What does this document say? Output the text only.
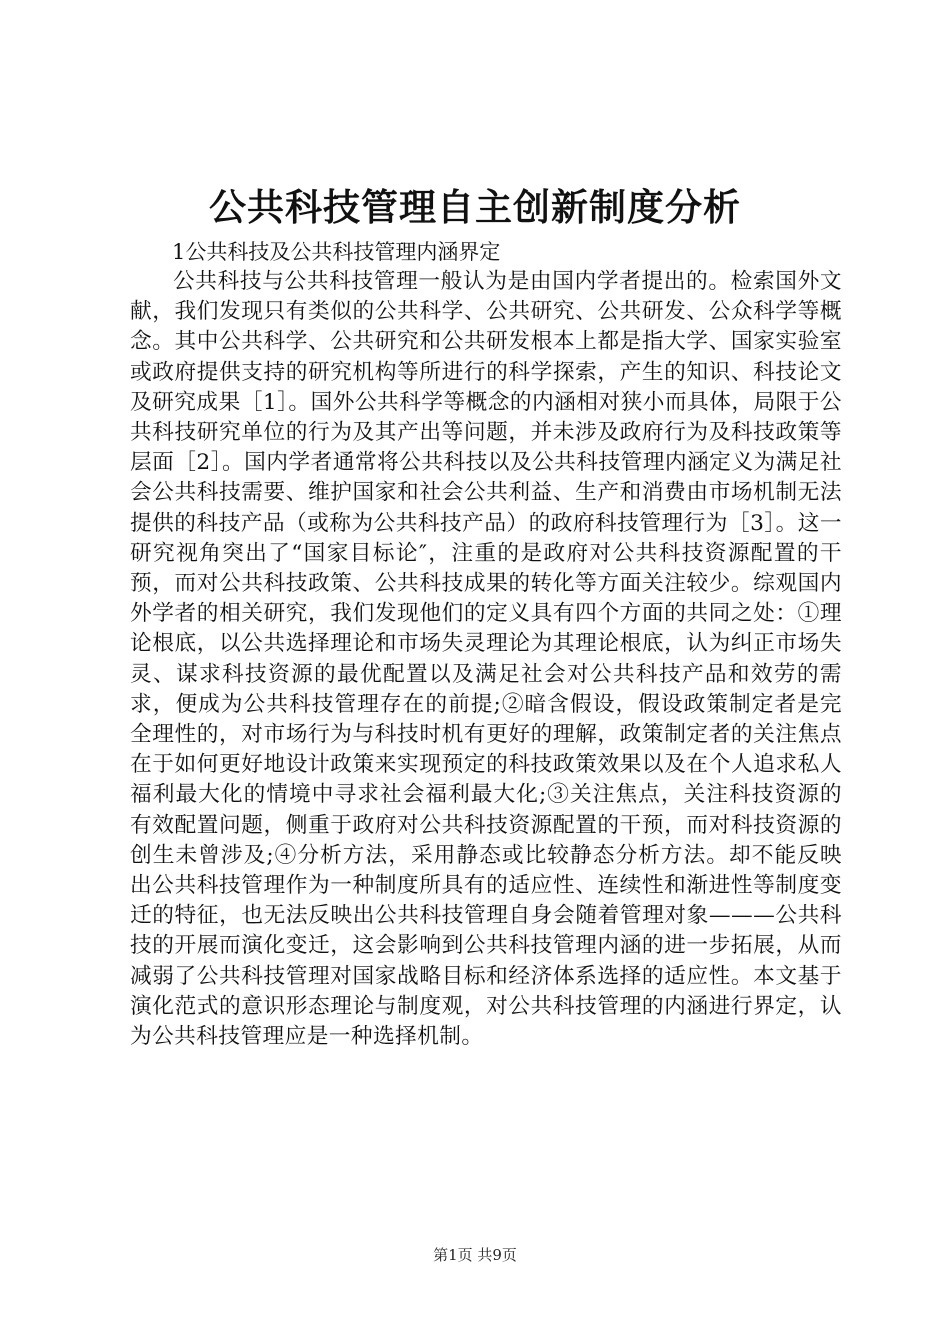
公共科技管理自主创新制度分析

1公共科技及公共科技管理内涵界定

公共科技与公共科技管理一般认为是由国内学者提出的。检索国外文献，我们发现只有类似的公共科学、公共研究、公共研发、公众科学等概念。其中公共科学、公共研究和公共研发根本上都是指大学、国家实验室或政府提供支持的研究机构等所进行的科学探索，产生的知识、科技论文及研究成果［1］。国外公共科学等概念的内涵相对狭小而具体，局限于公共科技研究单位的行为及其产出等问题，并未涉及政府行为及科技政策等层面［2］。国内学者通常将公共科技以及公共科技管理内涵定义为满足社会公共科技需要、维护国家和社会公共利益、生产和消费由市场机制无法提供的科技产品（或称为公共科技产品）的政府科技管理行为［3］。这一研究视角突出了“国家目标论″，注重的是政府对公共科技资源配置的干预，而对公共科技政策、公共科技成果的转化等方面关注较少。综观国内外学者的相关研究，我们发现他们的定义具有四个方面的共同之处：①理论根底，以公共选择理论和市场失灵理论为其理论根底，认为纠正市场失灵、谋求科技资源的最优配置以及满足社会对公共科技产品和效劳的需求，便成为公共科技管理存在的前提;②暗含假设，假设政策制定者是完全理性的，对市场行为与科技时机有更好的理解，政策制定者的关注焦点在于如何更好地设计政策来实现预定的科技政策效果以及在个人追求私人福利最大化的情境中寻求社会福利最大化;③关注焦点，关注科技资源的有效配置问题，侧重于政府对公共科技资源配置的干预，而对科技资源的创生未曾涉及;④分析方法，采用静态或比较静态分析方法。却不能反映出公共科技管理作为一种制度所具有的适应性、连续性和渐进性等制度变迁的特征，也无法反映出公共科技管理自身会随着管理对象———公共科技的开展而演化变迁，这会影响到公共科技管理内涵的进一步拓展，从而减弱了公共科技管理对国家战略目标和经济体系选择的适应性。本文基于演化范式的意识形态理论与制度观，对公共科技管理的内涵进行界定，认为公共科技管理应是一种选择机制。

第1页 共9页
